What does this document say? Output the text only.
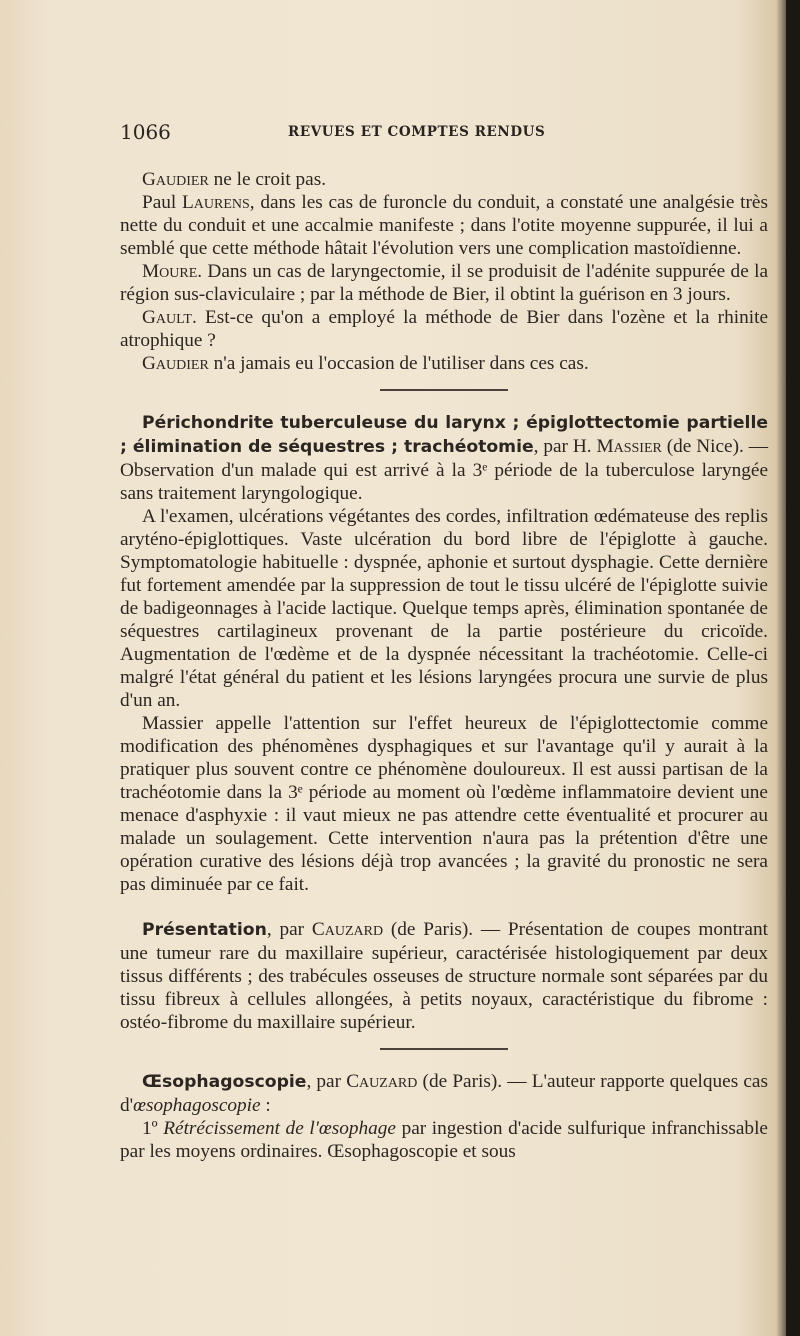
1066	REVUES ET COMPTES RENDUS

Gaudier ne le croit pas.

Paul Laurens, dans les cas de furoncle du conduit, a constaté une analgésie très nette du conduit et une accalmie manifeste ; dans l'otite moyenne suppurée, il lui a semblé que cette méthode hâtait l'évolution vers une complication mastoïdienne.

Moure. Dans un cas de laryngectomie, il se produisit de l'adénite suppurée de la région sus-claviculaire ; par la méthode de Bier, il obtint la guérison en 3 jours.

Gault. Est-ce qu'on a employé la méthode de Bier dans l'ozène et la rhinite atrophique ?

Gaudier n'a jamais eu l'occasion de l'utiliser dans ces cas.

Périchondrite tuberculeuse du larynx ; épiglottectomie partielle ; élimination de séquestres ; trachéotomie, par H. Massier (de Nice). — Observation d'un malade qui est arrivé à la 3ᵉ période de la tuberculose laryngée sans traitement laryngologique.

A l'examen, ulcérations végétantes des cordes, infiltration œdémateuse des replis aryténo-épiglottiques. Vaste ulcération du bord libre de l'épiglotte à gauche. Symptomatologie habituelle : dyspnée, aphonie et surtout dysphagie. Cette dernière fut fortement amendée par la suppression de tout le tissu ulcéré de l'épiglotte suivie de badigeonnages à l'acide lactique. Quelque temps après, élimination spontanée de séquestres cartilagineux provenant de la partie postérieure du cricoïde. Augmentation de l'œdème et de la dyspnée nécessitant la trachéotomie. Celle-ci malgré l'état général du patient et les lésions laryngées procura une survie de plus d'un an.

Massier appelle l'attention sur l'effet heureux de l'épiglottectomie comme modification des phénomènes dysphagiques et sur l'avantage qu'il y aurait à la pratiquer plus souvent contre ce phénomène douloureux. Il est aussi partisan de la trachéotomie dans la 3ᵉ période au moment où l'œdème inflammatoire devient une menace d'asphyxie : il vaut mieux ne pas attendre cette éventualité et procurer au malade un soulagement. Cette intervention n'aura pas la prétention d'être une opération curative des lésions déjà trop avancées ; la gravité du pronostic ne sera pas diminuée par ce fait.

Présentation, par Cauzard (de Paris). — Présentation de coupes montrant une tumeur rare du maxillaire supérieur, caractérisée histologiquement par deux tissus différents ; des trabécules osseuses de structure normale sont séparées par du tissu fibreux à cellules allongées, à petits noyaux, caractéristique du fibrome : ostéo-fibrome du maxillaire supérieur.

Œsophagoscopie, par Cauzard (de Paris). — L'auteur rapporte quelques cas d'œsophagoscopie :

1º Rétrécissement de l'œsophage par ingestion d'acide sulfurique infranchissable par les moyens ordinaires. Œsophagoscopie et sous
